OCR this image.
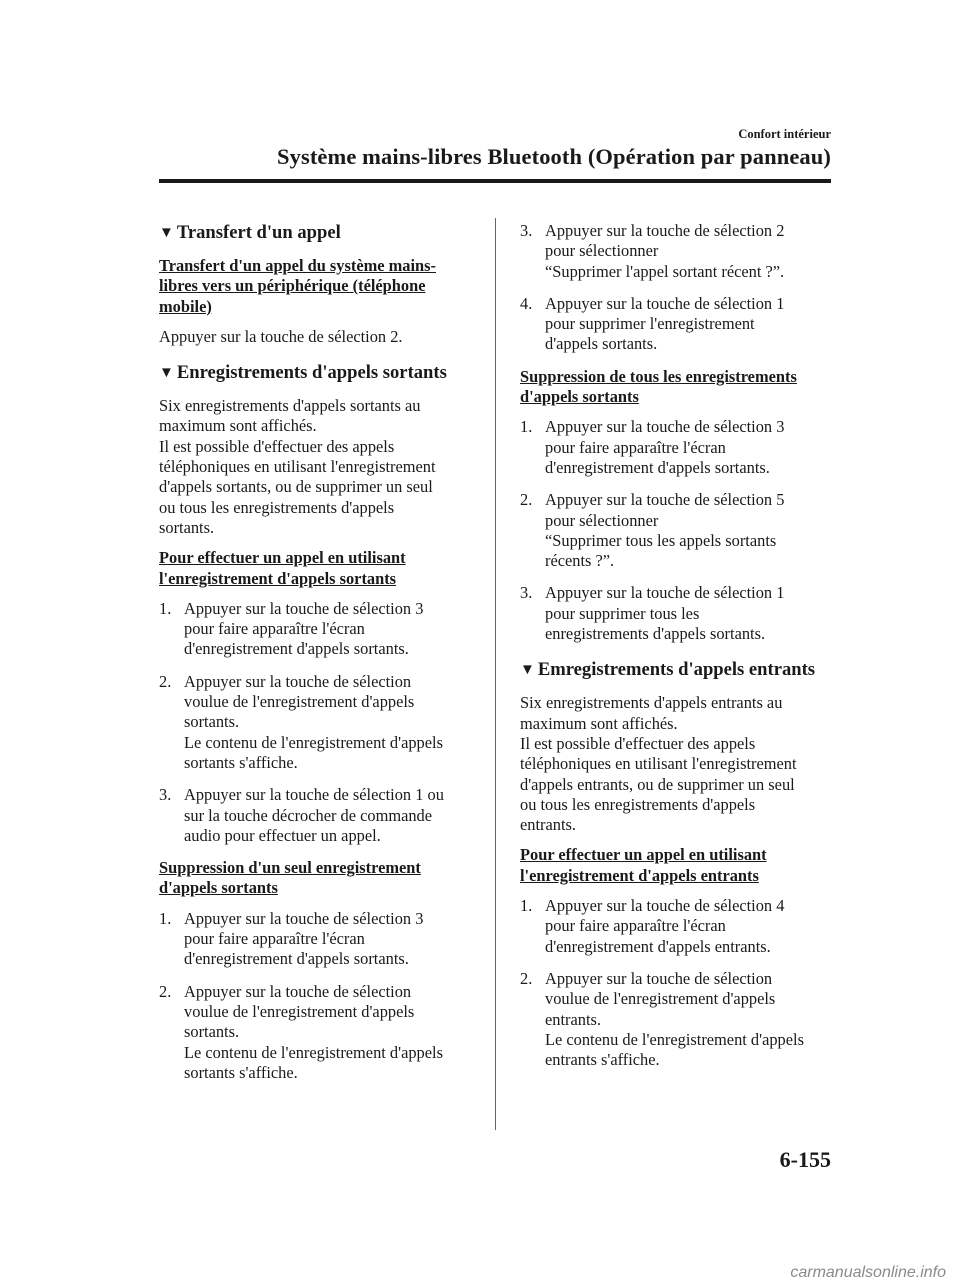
Confort intérieur
Système mains-libres Bluetooth (Opération par panneau)
▼ Transfert d'un appel
Transfert d'un appel du système mains-
libres vers un périphérique (téléphone
mobile)

Appuyer sur la touche de sélection 2.

▼ Enregistrements d'appels sortants

Six enregistrements d'appels sortants au
maximum sont affichés.
Il est possible d'effectuer des appels
téléphoniques en utilisant l'enregistrement
d'appels sortants, ou de supprimer un seul
ou tous les enregistrements d'appels
sortants.

Pour effectuer un appel en utilisant
l'enregistrement d'appels sortants
1. Appuyer sur la touche de sélection 3
pour faire apparaître l'écran
d'enregistrement d'appels sortants.
2. Appuyer sur la touche de sélection
voulue de l'enregistrement d'appels
sortants.
Le contenu de l'enregistrement d'appels
sortants s'affiche.
3. Appuyer sur la touche de sélection 1 ou
sur la touche décrocher de commande
audio pour effectuer un appel.
Suppression d'un seul enregistrement
d'appels sortants
1. Appuyer sur la touche de sélection 3
pour faire apparaître l'écran
d'enregistrement d'appels sortants.
2. Appuyer sur la touche de sélection
voulue de l'enregistrement d'appels
sortants.
Le contenu de l'enregistrement d'appels
sortants s'affiche.
3. Appuyer sur la touche de sélection 2
pour sélectionner
“Supprimer l'appel sortant récent ?”.
4. Appuyer sur la touche de sélection 1
pour supprimer l'enregistrement
d'appels sortants.
Suppression de tous les enregistrements
d'appels sortants
1. Appuyer sur la touche de sélection 3
pour faire apparaître l'écran
d'enregistrement d'appels sortants.
2. Appuyer sur la touche de sélection 5
pour sélectionner
“Supprimer tous les appels sortants
récents ?”.
3. Appuyer sur la touche de sélection 1
pour supprimer tous les
enregistrements d'appels sortants.
▼ Emregistrements d'appels entrants

Six enregistrements d'appels entrants au
maximum sont affichés.
Il est possible d'effectuer des appels
téléphoniques en utilisant l'enregistrement
d'appels entrants, ou de supprimer un seul
ou tous les enregistrements d'appels
entrants.

Pour effectuer un appel en utilisant
l'enregistrement d'appels entrants
1. Appuyer sur la touche de sélection 4
pour faire apparaître l'écran
d'enregistrement d'appels entrants.
2. Appuyer sur la touche de sélection
voulue de l'enregistrement d'appels
entrants.
Le contenu de l'enregistrement d'appels
entrants s'affiche.
6-155
carmanualsonline.info
